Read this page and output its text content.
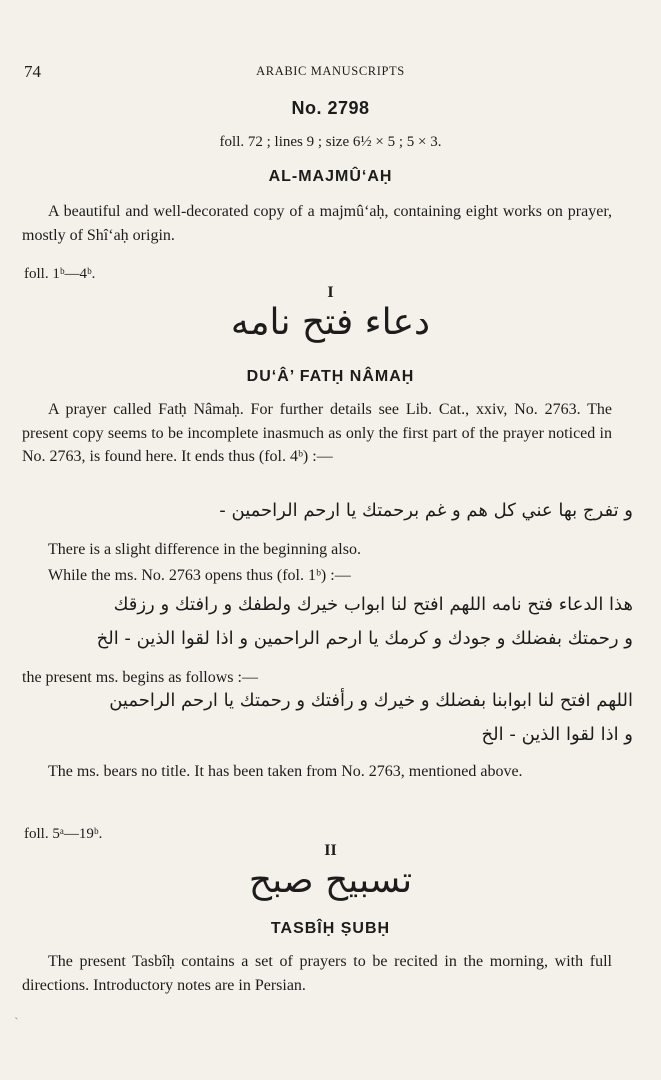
74	ARABIC MANUSCRIPTS
No. 2798
foll. 72 ; lines 9 ; size 6½ × 5 ; 5 × 3.
AL-MAJMÛ‘AḤ
A beautiful and well-decorated copy of a majmû‘aḥ, containing eight works on prayer, mostly of Shî‘aḥ origin.
foll. 1ᵇ—4ᵇ.
I
دعاء فتح نامه
DU‘Â’ FATḤ NÂMAḤ
A prayer called Fatḥ Nâmaḥ. For further details see Lib. Cat., xxiv, No. 2763. The present copy seems to be incomplete inasmuch as only the first part of the prayer noticed in No. 2763, is found here. It ends thus (fol. 4ᵇ) :—
و تفرج بها عني كل هم و غم برحمتك يا ارحم الراحمين -
There is a slight difference in the beginning also.
While the ms. No. 2763 opens thus (fol. 1ᵇ) :—
هذا الدعاء فتح نامه اللهم افتح لنا ابواب خيرك ولطفك و رافتك و رزقك
و رحمتك بفضلك و جودك و كرمك يا ارحم الراحمين و اذا لقوا الذين - الخ
the present ms. begins as follows :—
اللهم افتح لنا ابوابنا بفضلك و خيرك و رأفتك و رحمتك يا ارحم الراحمين
و اذا لقوا الذين - الخ
The ms. bears no title. It has been taken from No. 2763, mentioned above.
foll. 5ᵃ—19ᵇ.
II
تسبيح صبح
TASBÎḤ ṢUBḤ
The present Tasbîḥ contains a set of prayers to be recited in the morning, with full directions. Introductory notes are in Persian.
ˋ
